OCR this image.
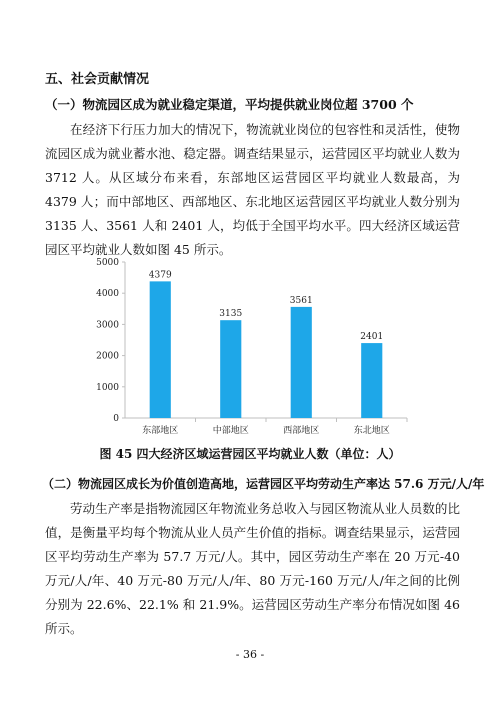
五、社会贡献情况
（一）物流园区成为就业稳定渠道，平均提供就业岗位超 3700 个

在经济下行压力加大的情况下，物流就业岗位的包容性和灵活性，使物流园区成为就业蓄水池、稳定器。调查结果显示，运营园区平均就业人数为 3712 人。从区域分布来看，东部地区运营园区平均就业人数最高，为 4379 人；而中部地区、西部地区、东北地区运营园区平均就业人数分别为 3135 人、3561 人和 2401 人，均低于全国平均水平。四大经济区域运营园区平均就业人数如图 45 所示。

0
1000
2000
3000
4000
5000
4379
东部地区
3135
中部地区
3561
西部地区
2401
东北地区

图 45 四大经济区域运营园区平均就业人数（单位：人）

（二）物流园区成长为价值创造高地，运营园区平均劳动生产率达 57.6 万元/人/年

劳动生产率是指物流园区年物流业务总收入与园区物流从业人员数的比值，是衡量平均每个物流从业人员产生价值的指标。调查结果显示，运营园区平均劳动生产率为 57.7 万元/人。其中，园区劳动生产率在 20 万元-40 万元/人/年、40 万元-80 万元/人/年、80 万元-160 万元/人/年之间的比例分别为 22.6%、22.1% 和 21.9%。运营园区劳动生产率分布情况如图 46 所示。

- 36 -
